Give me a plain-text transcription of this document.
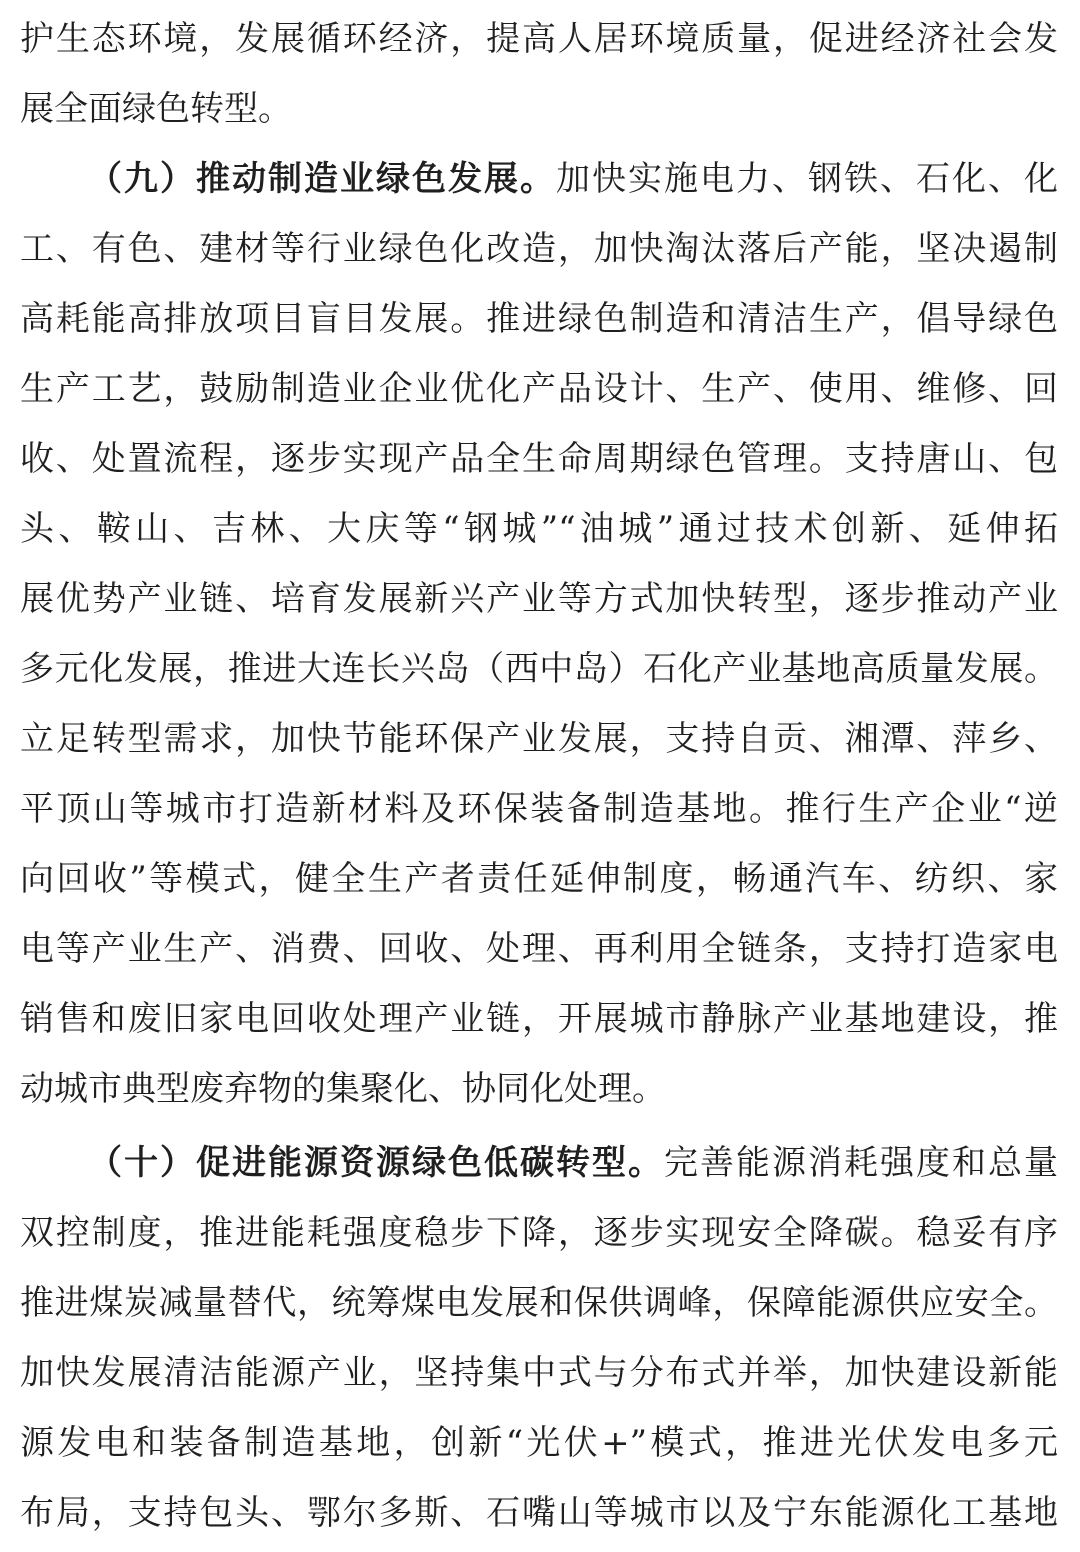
护生态环境，发展循环经济，提高人居环境质量，促进经济社会发
展全面绿色转型。
（九）推动制造业绿色发展。加快实施电力、钢铁、石化、化
工、有色、建材等行业绿色化改造，加快淘汰落后产能，坚决遏制
高耗能高排放项目盲目发展。推进绿色制造和清洁生产，倡导绿色
生产工艺，鼓励制造业企业优化产品设计、生产、使用、维修、回
收、处置流程，逐步实现产品全生命周期绿色管理。支持唐山、包
头、鞍山、吉林、大庆等“钢城”“油城”通过技术创新、延伸拓
展优势产业链、培育发展新兴产业等方式加快转型，逐步推动产业
多元化发展，推进大连长兴岛（西中岛）石化产业基地高质量发展。
立足转型需求，加快节能环保产业发展，支持自贡、湘潭、萍乡、
平顶山等城市打造新材料及环保装备制造基地。推行生产企业“逆
向回收”等模式，健全生产者责任延伸制度，畅通汽车、纺织、家
电等产业生产、消费、回收、处理、再利用全链条，支持打造家电
销售和废旧家电回收处理产业链，开展城市静脉产业基地建设，推
动城市典型废弃物的集聚化、协同化处理。
（十）促进能源资源绿色低碳转型。完善能源消耗强度和总量
双控制度，推进能耗强度稳步下降，逐步实现安全降碳。稳妥有序
推进煤炭减量替代，统筹煤电发展和保供调峰，保障能源供应安全。
加快发展清洁能源产业，坚持集中式与分布式并举，加快建设新能
源发电和装备制造基地，创新“光伏+”模式，推进光伏发电多元
布局，支持包头、鄂尔多斯、石嘴山等城市以及宁东能源化工基地
